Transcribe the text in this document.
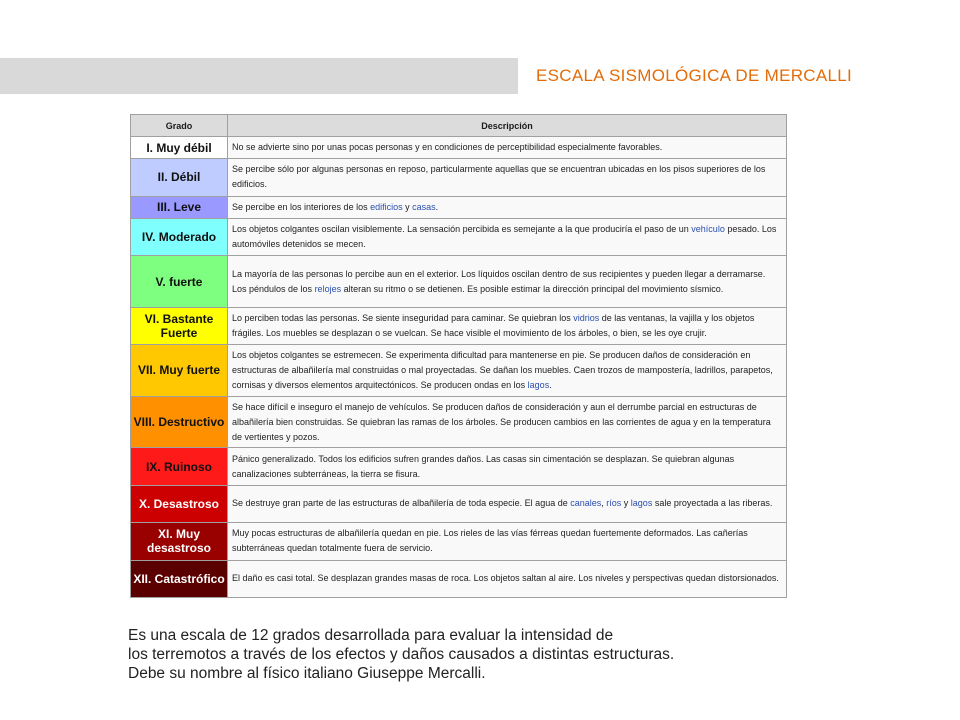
ESCALA SISMOLÓGICA DE MERCALLI
Grado	Descripción
I. Muy débil	No se advierte sino por unas pocas personas y en condiciones de perceptibilidad especialmente favorables.
II. Débil	Se percibe sólo por algunas personas en reposo, particularmente aquellas que se encuentran ubicadas en los pisos superiores de los edificios.
III. Leve	Se percibe en los interiores de los edificios y casas.
IV. Moderado	Los objetos colgantes oscilan visiblemente. La sensación percibida es semejante a la que produciría el paso de un vehículo pesado. Los automóviles detenidos se mecen.
V. fuerte	La mayoría de las personas lo percibe aun en el exterior. Los líquidos oscilan dentro de sus recipientes y pueden llegar a derramarse. Los péndulos de los relojes alteran su ritmo o se detienen. Es posible estimar la dirección principal del movimiento sísmico.
VI. Bastante Fuerte	Lo perciben todas las personas. Se siente inseguridad para caminar. Se quiebran los vidrios de las ventanas, la vajilla y los objetos frágiles. Los muebles se desplazan o se vuelcan. Se hace visible el movimiento de los árboles, o bien, se les oye crujir.
VII. Muy fuerte	Los objetos colgantes se estremecen. Se experimenta dificultad para mantenerse en pie. Se producen daños de consideración en estructuras de albañilería mal construidas o mal proyectadas. Se dañan los muebles. Caen trozos de mampostería, ladrillos, parapetos, cornisas y diversos elementos arquitectónicos. Se producen ondas en los lagos.
VIII. Destructivo	Se hace difícil e inseguro el manejo de vehículos. Se producen daños de consideración y aun el derrumbe parcial en estructuras de albañilería bien construidas. Se quiebran las ramas de los árboles. Se producen cambios en las corrientes de agua y en la temperatura de vertientes y pozos.
IX. Ruinoso	Pánico generalizado. Todos los edificios sufren grandes daños. Las casas sin cimentación se desplazan. Se quiebran algunas canalizaciones subterráneas, la tierra se fisura.
X. Desastroso	Se destruye gran parte de las estructuras de albañilería de toda especie. El agua de canales, ríos y lagos sale proyectada a las riberas.
XI. Muy desastroso	Muy pocas estructuras de albañilería quedan en pie. Los rieles de las vías férreas quedan fuertemente deformados. Las cañerías subterráneas quedan totalmente fuera de servicio.
XII. Catastrófico	El daño es casi total. Se desplazan grandes masas de roca. Los objetos saltan al aire. Los niveles y perspectivas quedan distorsionados.
Es una escala de 12 grados desarrollada para evaluar la intensidad de
los terremotos a través de los efectos y daños causados a distintas estructuras.
Debe su nombre al físico italiano Giuseppe Mercalli.
